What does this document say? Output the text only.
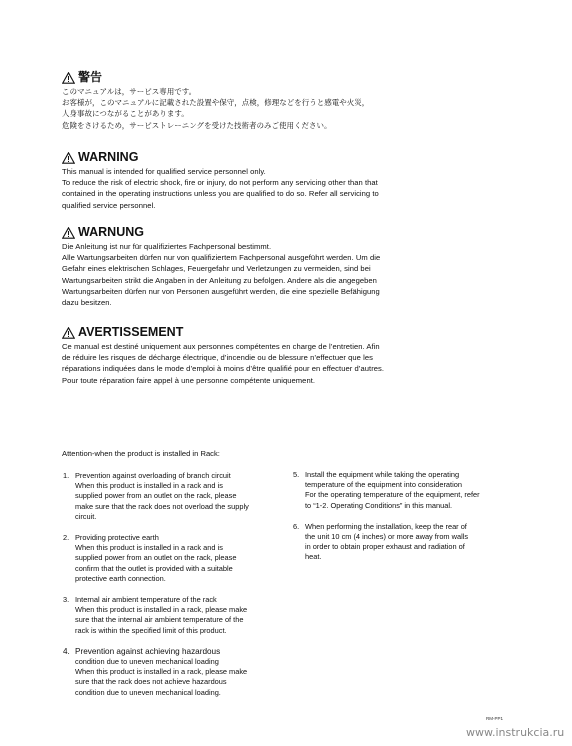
警告

このマニュアルは，サービス専用です。

お客様が，このマニュアルに記載された設置や保守，点検，修理などを行うと感電や火災，

人身事故につながることがあります。

危険をさけるため，サービストレーニングを受けた技術者のみご使用ください。

WARNING

This manual is intended for qualified service personnel only.

To reduce the risk of electric shock, fire or injury, do not perform any servicing other than that

contained in the operating instructions unless you are qualified to do so. Refer all servicing to

qualified service personnel.

WARNUNG

Die Anleitung ist nur für qualifiziertes Fachpersonal bestimmt.

Alle Wartungsarbeiten dürfen nur von qualifiziertem Fachpersonal ausgeführt werden. Um die

Gefahr eines elektrischen Schlages, Feuergefahr und Verletzungen zu vermeiden, sind bei

Wartungsarbeiten strikt die Angaben in der Anleitung zu befolgen. Andere als die angegeben

Wartungsarbeiten dürfen nur von Personen ausgeführt werden, die eine spezielle Befähigung

dazu besitzen.

AVERTISSEMENT

Ce manual est destiné uniquement aux personnes compétentes en charge de l’entretien. Afin

de réduire les risques de décharge électrique, d’incendie ou de blessure n’effectuer que les

réparations indiquées dans le mode d’emploi à moins d’être qualifié pour en effectuer d’autres.

Pour toute réparation faire appel à une personne compétente uniquement.

Attention-when the product is installed in Rack:

1. Prevention against overloading of branch circuit
When this product is installed in a rack and is
supplied power from an outlet on the rack, please
make sure that the rack does not overload the supply
circuit.
2. Providing protective earth
When this product is installed in a rack and is
supplied power from an outlet on the rack, please
confirm that the outlet is provided with a suitable
protective earth connection.
3. Internal air ambient temperature of the rack
When this product is installed in a rack, please make
sure that the internal air ambient temperature of the
rack is within the specified limit of this product.
4. Prevention against achieving hazardous
condition due to uneven mechanical loading
When this product is installed in a rack, please make
sure that the rack does not achieve hazardous
condition due to uneven mechanical loading.
5. Install the equipment while taking the operating
temperature of the equipment into consideration
For the operating temperature of the equipment, refer
to “1-2. Operating Conditions” in this manual.
6. When performing the installation, keep the rear of
the unit 10 cm (4 inches) or more away from walls
in order to obtain proper exhaust and radiation of
heat.
RM-PP1
www.instrukcia.ru
